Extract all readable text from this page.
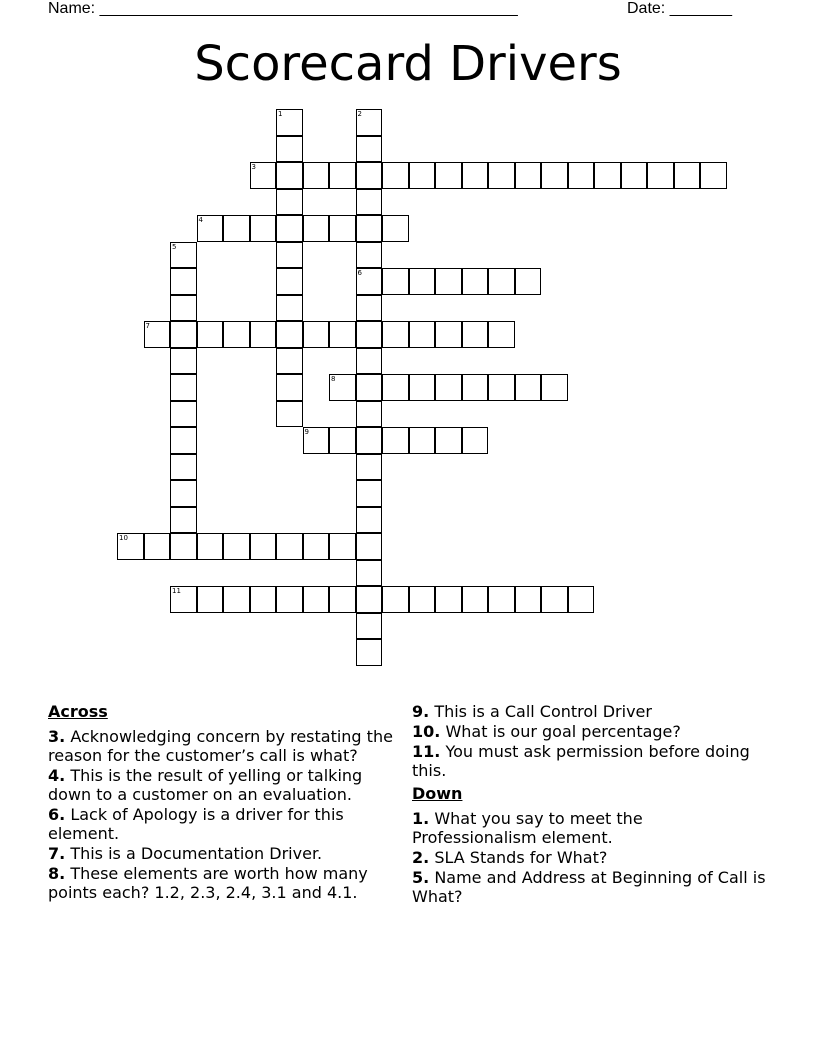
Name: _______________________________________________	Date: _______
Scorecard Drivers
1	2
6
3
4
5
7
8
9
10
11
Across
3. Acknowledging concern by restating the reason for the customer’s call is what?
4. This is the result of yelling or talking down to a customer on an evaluation.
6. Lack of Apology is a driver for this element.
7. This is a Documentation Driver.
8. These elements are worth how many points each? 1.2, 2.3, 2.4, 3.1 and 4.1.
9. This is a Call Control Driver
10. What is our goal percentage?
11. You must ask permission before doing this.
Down
1. What you say to meet the Professionalism element.
2. SLA Stands for What?
5. Name and Address at Beginning of Call is What?
